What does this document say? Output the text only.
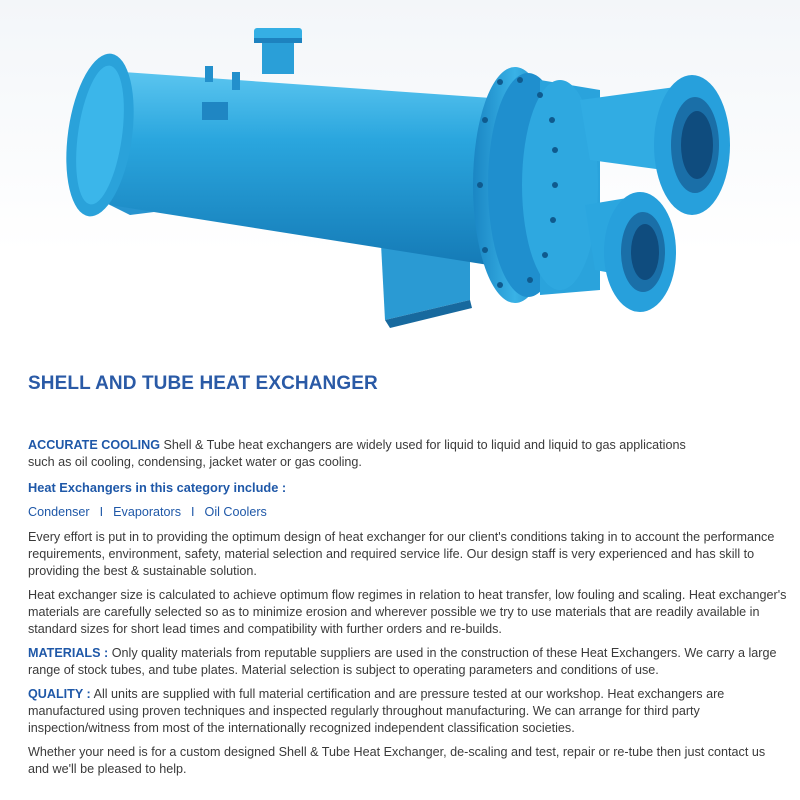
SHELL AND TUBE HEAT EXCHANGER

ACCURATE COOLING Shell & Tube heat exchangers are widely used for liquid to liquid and liquid to gas applications
such as oil cooling, condensing, jacket water or gas cooling.

Heat Exchangers in this category include :
Condenser I Evaporators I Oil Coolers

Every effort is put in to providing the optimum design of heat exchanger for our client's conditions taking in to account the performance requirements, environment, safety, material selection and required service life. Our design staff is very experienced and has skill to providing the best & sustainable solution.

Heat exchanger size is calculated to achieve optimum flow regimes in relation to heat transfer, low fouling and scaling. Heat exchanger's materials are carefully selected so as to minimize erosion and wherever possible we try to use materials that are readily available in standard sizes for short lead times and compatibility with further orders and re-builds.

MATERIALS : Only quality materials from reputable suppliers are used in the construction of these Heat Exchangers. We carry a large range of stock tubes, and tube plates. Material selection is subject to operating parameters and conditions of use.

QUALITY : All units are supplied with full material certification and are pressure tested at our workshop. Heat exchangers are manufactured using proven techniques and inspected regularly throughout manufacturing. We can arrange for third party inspection/witness from most of the internationally recognized independent classification societies.

Whether your need is for a custom designed Shell & Tube Heat Exchanger, de-scaling and test, repair or re-tube then just contact us and we'll be pleased to help.
